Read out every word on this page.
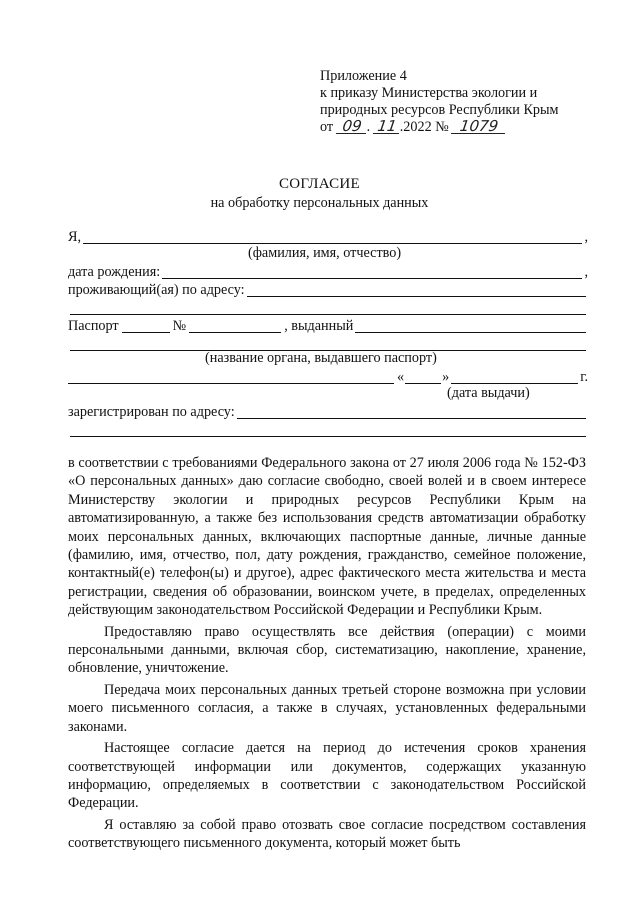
Приложение 4
к приказу Министерства экологии и
природных ресурсов Республики Крым
от 09 . 11 .2022 № 1079
СОГЛАСИЕ
на обработку персональных данных
Я,	,
(фамилия, имя, отчество)
дата рождения:	,
проживающий(ая) по адресу:
Паспорт	№	, выданный
(название органа, выдавшего паспорт)
«	»	г.
(дата выдачи)
зарегистрирован по адресу:

в соответствии с требованиями Федерального закона от 27 июля 2006 года № 152-ФЗ «О персональных данных» даю согласие свободно, своей волей и в своем интересе Министерству экологии и природных ресурсов Республики Крым на автоматизированную, а также без использования средств автоматизации обработку моих персональных данных, включающих паспортные данные, личные данные (фамилию, имя, отчество, пол, дату рождения, гражданство, семейное положение, контактный(е) телефон(ы) и другое), адрес фактического места жительства и места регистрации, сведения об образовании, воинском учете, в пределах, определенных действующим законодательством Российской Федерации и Республики Крым.

Предоставляю право осуществлять все действия (операции) с моими персональными данными, включая сбор, систематизацию, накопление, хранение, обновление, уничтожение.

Передача моих персональных данных третьей стороне возможна при условии моего письменного согласия, а также в случаях, установленных федеральными законами.

Настоящее согласие дается на период до истечения сроков хранения соответствующей информации или документов, содержащих указанную информацию, определяемых в соответствии с законодательством Российской Федерации.

Я оставляю за собой право отозвать свое согласие посредством составления соответствующего письменного документа, который может быть
